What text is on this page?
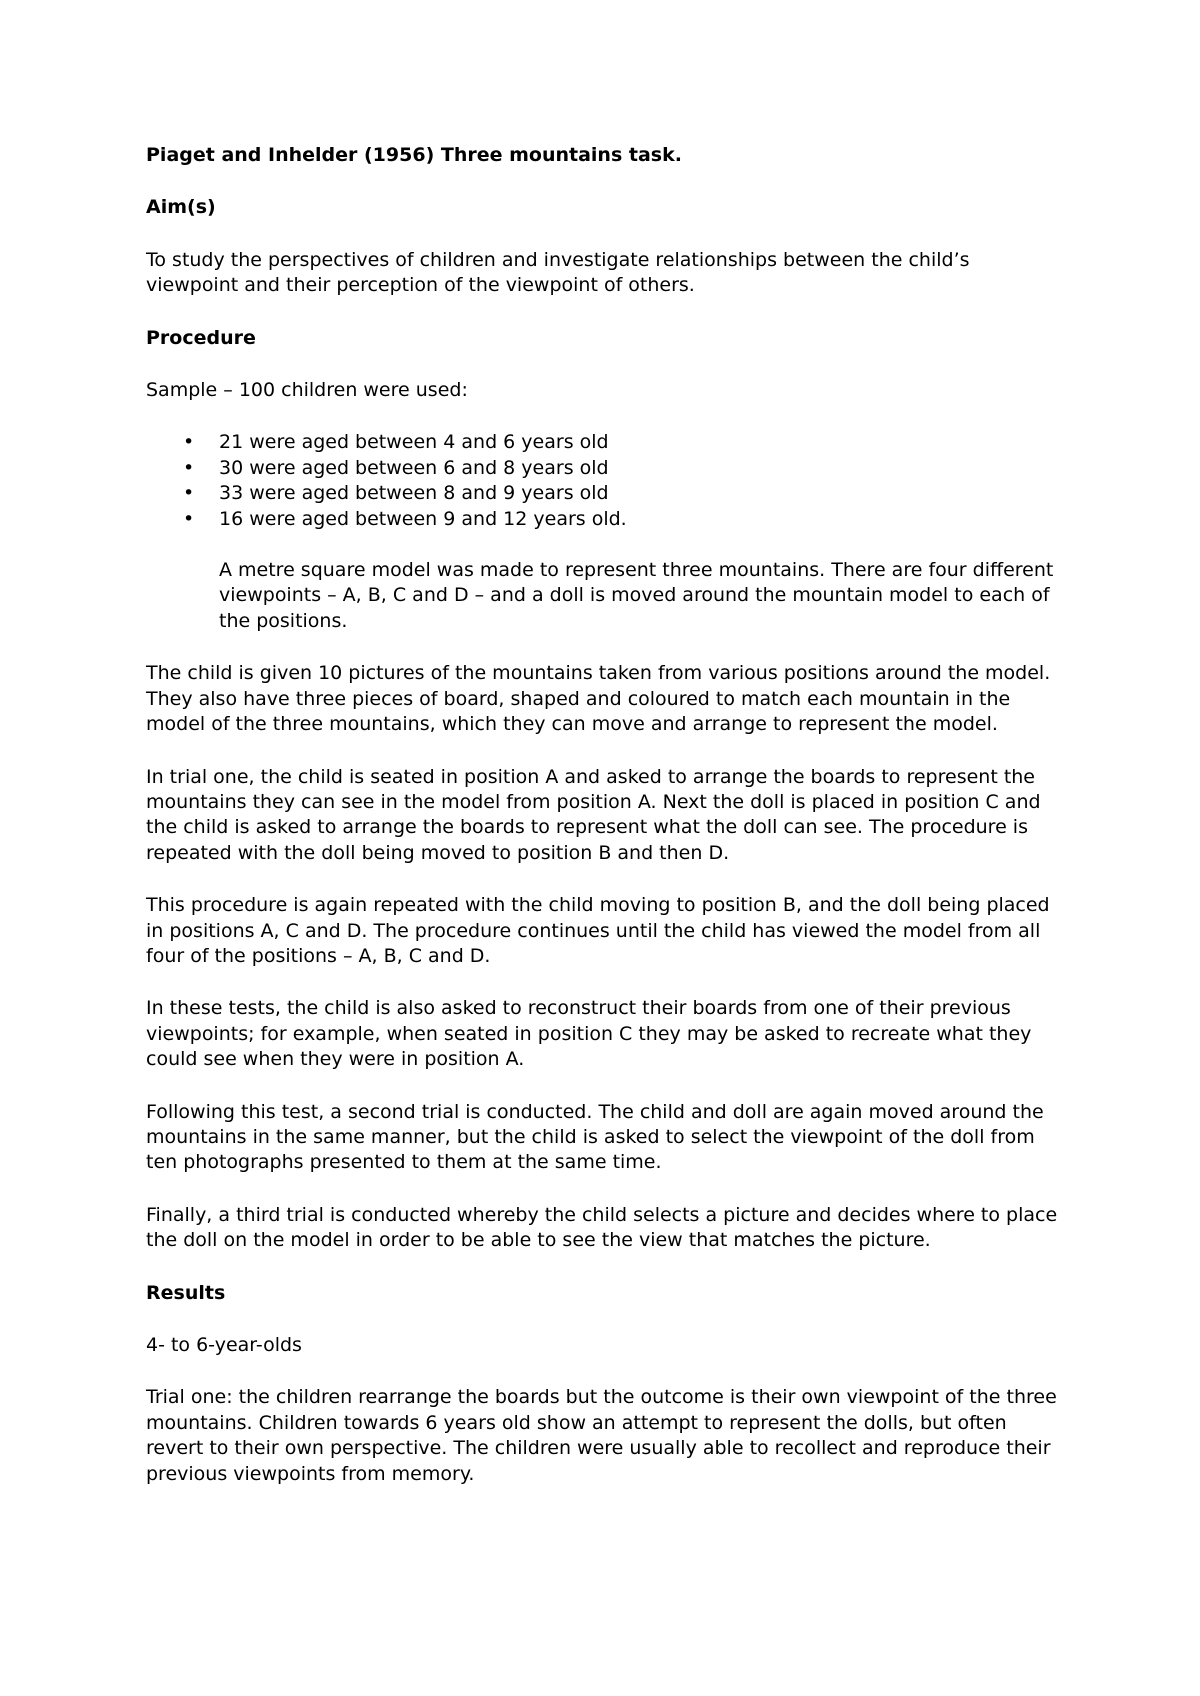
Piaget and Inhelder (1956) Three mountains task.

Aim(s)

To study the perspectives of children and investigate relationships between the child’s viewpoint and their perception of the viewpoint of others.

Procedure

Sample – 100 children were used:

• 21 were aged between 4 and 6 years old
• 30 were aged between 6 and 8 years old
• 33 were aged between 8 and 9 years old
• 16 were aged between 9 and 12 years old.

A metre square model was made to represent three mountains. There are four different viewpoints – A, B, C and D – and a doll is moved around the mountain model to each of the positions.

The child is given 10 pictures of the mountains taken from various positions around the model. They also have three pieces of board, shaped and coloured to match each mountain in the model of the three mountains, which they can move and arrange to represent the model.

In trial one, the child is seated in position A and asked to arrange the boards to represent the mountains they can see in the model from position A. Next the doll is placed in position C and the child is asked to arrange the boards to represent what the doll can see. The procedure is repeated with the doll being moved to position B and then D.

This procedure is again repeated with the child moving to position B, and the doll being placed in positions A, C and D. The procedure continues until the child has viewed the model from all four of the positions – A, B, C and D.

In these tests, the child is also asked to reconstruct their boards from one of their previous viewpoints; for example, when seated in position C they may be asked to recreate what they could see when they were in position A.

Following this test, a second trial is conducted. The child and doll are again moved around the mountains in the same manner, but the child is asked to select the viewpoint of the doll from ten photographs presented to them at the same time.

Finally, a third trial is conducted whereby the child selects a picture and decides where to place the doll on the model in order to be able to see the view that matches the picture.

Results

4- to 6-year-olds

Trial one: the children rearrange the boards but the outcome is their own viewpoint of the three mountains. Children towards 6 years old show an attempt to represent the dolls, but often revert to their own perspective. The children were usually able to recollect and reproduce their previous viewpoints from memory.
